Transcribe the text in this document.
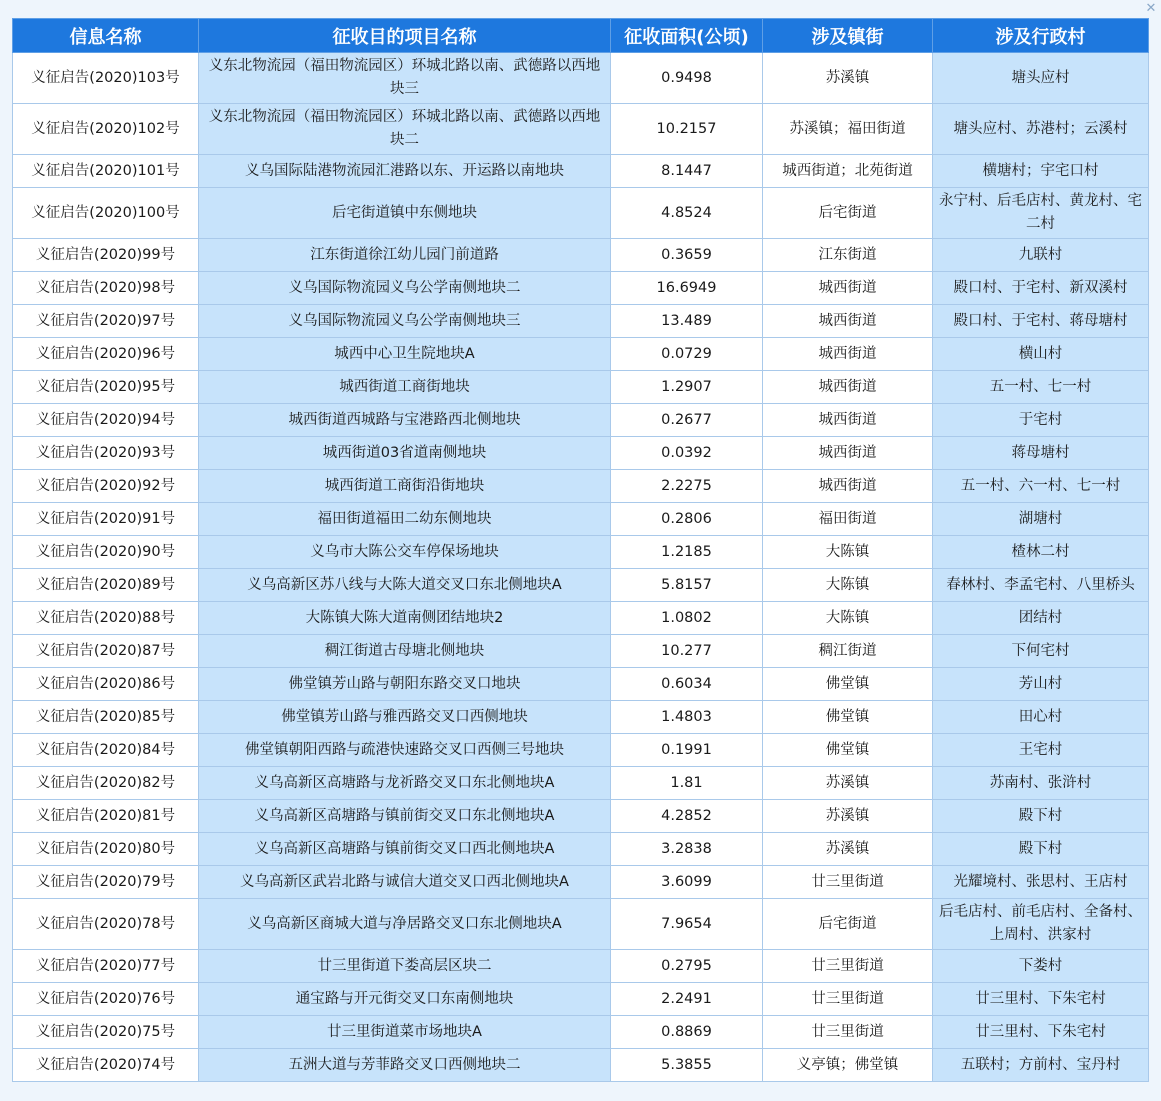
✕
信息名称	征收目的项目名称	征收面积(公顷)	涉及镇街	涉及行政村
义征启告(2020)103号	义东北物流园（福田物流园区）环城北路以南、武德路以西地块三	0.9498	苏溪镇	塘头应村
义征启告(2020)102号	义东北物流园（福田物流园区）环城北路以南、武德路以西地块二	10.2157	苏溪镇；福田街道	塘头应村、苏港村；云溪村
义征启告(2020)101号	义乌国际陆港物流园汇港路以东、开运路以南地块	8.1447	城西街道；北苑街道	横塘村；宇宅口村
义征启告(2020)100号	后宅街道镇中东侧地块	4.8524	后宅街道	永宁村、后毛店村、黄龙村、宅二村
义征启告(2020)99号	江东街道徐江幼儿园门前道路	0.3659	江东街道	九联村
义征启告(2020)98号	义乌国际物流园义乌公学南侧地块二	16.6949	城西街道	殿口村、于宅村、新双溪村
义征启告(2020)97号	义乌国际物流园义乌公学南侧地块三	13.489	城西街道	殿口村、于宅村、蒋母塘村
义征启告(2020)96号	城西中心卫生院地块A	0.0729	城西街道	横山村
义征启告(2020)95号	城西街道工商街地块	1.2907	城西街道	五一村、七一村
义征启告(2020)94号	城西街道西城路与宝港路西北侧地块	0.2677	城西街道	于宅村
义征启告(2020)93号	城西街道03省道南侧地块	0.0392	城西街道	蒋母塘村
义征启告(2020)92号	城西街道工商街沿街地块	2.2275	城西街道	五一村、六一村、七一村
义征启告(2020)91号	福田街道福田二幼东侧地块	0.2806	福田街道	湖塘村
义征启告(2020)90号	义乌市大陈公交车停保场地块	1.2185	大陈镇	楂林二村
义征启告(2020)89号	义乌高新区苏八线与大陈大道交叉口东北侧地块A	5.8157	大陈镇	春林村、李孟宅村、八里桥头
义征启告(2020)88号	大陈镇大陈大道南侧团结地块2	1.0802	大陈镇	团结村
义征启告(2020)87号	稠江街道古母塘北侧地块	10.277	稠江街道	下何宅村
义征启告(2020)86号	佛堂镇芳山路与朝阳东路交叉口地块	0.6034	佛堂镇	芳山村
义征启告(2020)85号	佛堂镇芳山路与雅西路交叉口西侧地块	1.4803	佛堂镇	田心村
义征启告(2020)84号	佛堂镇朝阳西路与疏港快速路交叉口西侧三号地块	0.1991	佛堂镇	王宅村
义征启告(2020)82号	义乌高新区高塘路与龙祈路交叉口东北侧地块A	1.81	苏溪镇	苏南村、张浒村
义征启告(2020)81号	义乌高新区高塘路与镇前街交叉口东北侧地块A	4.2852	苏溪镇	殿下村
义征启告(2020)80号	义乌高新区高塘路与镇前街交叉口西北侧地块A	3.2838	苏溪镇	殿下村
义征启告(2020)79号	义乌高新区武岩北路与诚信大道交叉口西北侧地块A	3.6099	廿三里街道	光耀境村、张思村、王店村
义征启告(2020)78号	义乌高新区商城大道与净居路交叉口东北侧地块A	7.9654	后宅街道	后毛店村、前毛店村、全备村、上周村、洪家村
义征启告(2020)77号	廿三里街道下娄高层区块二	0.2795	廿三里街道	下娄村
义征启告(2020)76号	通宝路与开元街交叉口东南侧地块	2.2491	廿三里街道	廿三里村、下朱宅村
义征启告(2020)75号	廿三里街道菜市场地块A	0.8869	廿三里街道	廿三里村、下朱宅村
义征启告(2020)74号	五洲大道与芳菲路交叉口西侧地块二	5.3855	义亭镇；佛堂镇	五联村；方前村、宝丹村
